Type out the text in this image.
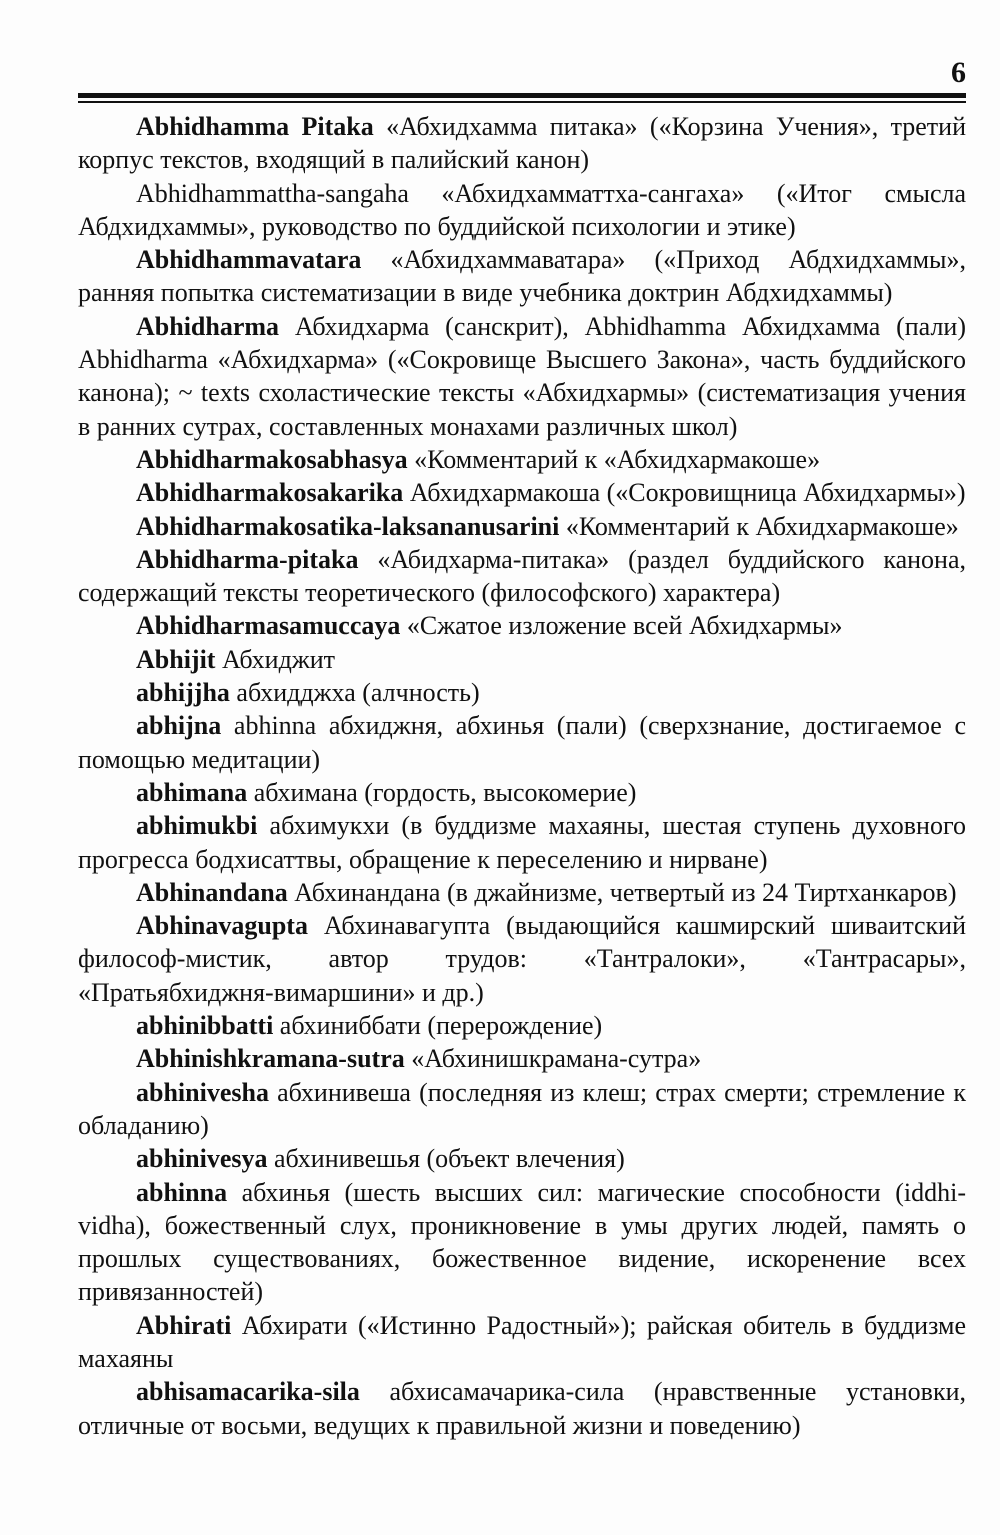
6

Abhidhamma Pitaka «Абхидхамма питака» («Корзина Учения», третий корпус текстов, входящий в палийский канон)

Abhidhammattha-sangaha «Абхидхамматтха-сангаха» («Итог смысла Абдхидхаммы», руководство по буддийской психологии и этике)

Abhidhammavatara «Абхидхаммаватара» («Приход Абдхидхаммы», ранняя попытка систематизации в виде учебника доктрин Абдхидхаммы)

Abhidharma Абхидхарма (санскрит), Abhidhamma Абхидхамма (пали) Abhidharma «Абхидхарма» («Сокровище Высшего Закона», часть буддийского канона); ~ texts схоластические тексты «Абхидхармы» (систематизация учения в ранних сутрах, составленных монахами различных школ)

Abhidharmakosabhasya «Комментарий к «Абхидхармакоше»

Abhidharmakosakarika Абхидхармакоша («Сокровищница Абхидхармы»)

Abhidharmakosatika-laksananusarini «Комментарий к Абхидхармакоше»

Abhidharma-pitaka «Абидхарма-питака» (раздел буддийского канона, содержащий тексты теоретического (философского) характера)

Abhidharmasamuccaya «Сжатое изложение всей Абхидхармы»

Abhijit Абхиджит

abhijjha абхидджха (алчность)

abhijna abhinna абхиджня, абхинья (пали) (сверхзнание, достигаемое с помощью медитации)

abhimana абхимана (гордость, высокомерие)

abhimukbi абхимукхи (в буддизме махаяны, шестая ступень духовного прогресса бодхисаттвы, обращение к переселению и нирване)

Abhinandana Абхинандана (в джайнизме, четвертый из 24 Тиртханкаров)

Abhinavagupta Абхинавагупта (выдающийся кашмирский шиваитский философ-мистик, автор трудов: «Тантралоки», «Тантрасары», «Пратьябхиджня-вимаршини» и др.)

abhinibbatti абхиниббати (перерождение)

Abhinishkramana-sutra «Абхинишкрамана-сутра»

abhinivesha абхинивеша (последняя из клеш; страх смерти; стремление к обладанию)

abhinivesya абхинивешья (объект влечения)

abhinna абхинья (шесть высших сил: магические способности (iddhi-vidha), божественный слух, проникновение в умы других людей, память о прошлых существованиях, божественное видение, искоренение всех привязанностей)

Abhirati Абхирати («Истинно Радостный»); райская обитель в буддизме махаяны

abhisamacarika-sila абхисамачарика-сила (нравственные установки, отличные от восьми, ведущих к правильной жизни и поведению)
